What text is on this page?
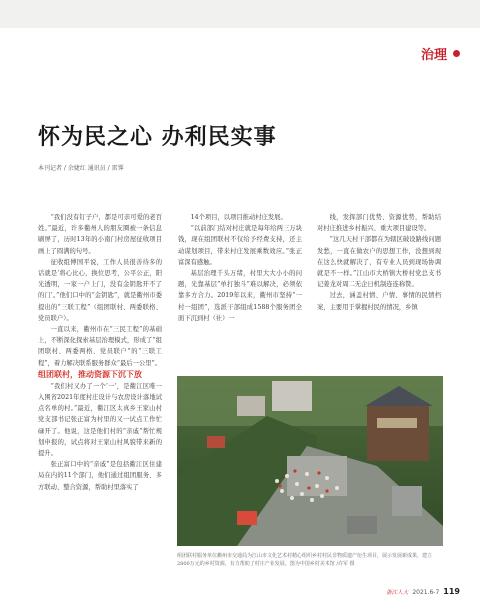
治理
怀为民之心 办利民实事
本刊记者 / 余婕红 通讯员 / 雷霁

“我们没有钉子户，都是可亲可爱的老百姓。”最近，许多衢州人的朋友圈被一条信息刷屏了，历时13年的小南门村房屋征收项目画上了圆满的句号。

征收组傅国平说，工作人员很善待多的话就是‘将心比心，换位思考，公平公正，阳光透明，一家一户上门，没有金钥匙开不了的门’。”他们口中的“金钥匙”，就是衢州市委提出的“三联工程”（组团联村、两委联格、党员联户）。

一直以来，衢州市在“三民工程”的基础上，不断深化探索基层治理模式，形成了“组团联村、两委两格、党员联户”的“三联工程”，着力解决联系服务群众“最后一公里”。

组团联村，推动资源下沉下放

“我们村又办了一个‘一’，是衢江区唯一入围省2021年度村庄设计与农房设计落地试点名单的村。”最近，衢江区太真乡王家山村党支部书记张正富为村里的又一试点工作忙碌开了。他说，这是他们村的“亲戚”帮忙规划申报的，试点将对王家山村风貌带来新的提升。

张正富口中的“亲戚”是包括衢江区住建局在内的11个部门，他们通过组团服务、多方联动、整合资源，帮助村里落实了

14个项目，以项目推动村庄发展。

“以前部门结对村庄就是每年给两三万块钱，现在组团联村不仅给予经费支持，还主动谋划项目，带来村庄发展乘数效应。”张正富深有感触。

基层治理千头万绪，村里大大小小的问题，光靠基层“单打独斗”难以解决，必须依靠多方合力。2019年以来，衢州市坚持“一村一组团”，选派干部组成1588个服务团全面下沉到村（社）一

线，发挥部门优势、资源优势，帮助结对村庄推进乡村振兴、重大项目建设等。

“这几天村干部都在为辖区破设路线问题发愁，一直在做农户的思想工作，没想到现在这么快就解决了，有专业人员到现场协调就是不一样。”江山市大桥镇大桥村党总支书记姜龙对周二无企日机制连连称赞。

过去，涵盖村情、户情、事情的民情档案，主要用于掌握村民的情况，乡镇

组团联村服务单位衢州市交通局为江山市文化艺术村精心组织乡村村民非物质遗产衍生项目，展示发展新成果，建立2800万元的乡村资源，有力帮助了村庄产业发展。图为中国乡村美术馆 /许军 摄
浙江人大 2021.6-7 119
